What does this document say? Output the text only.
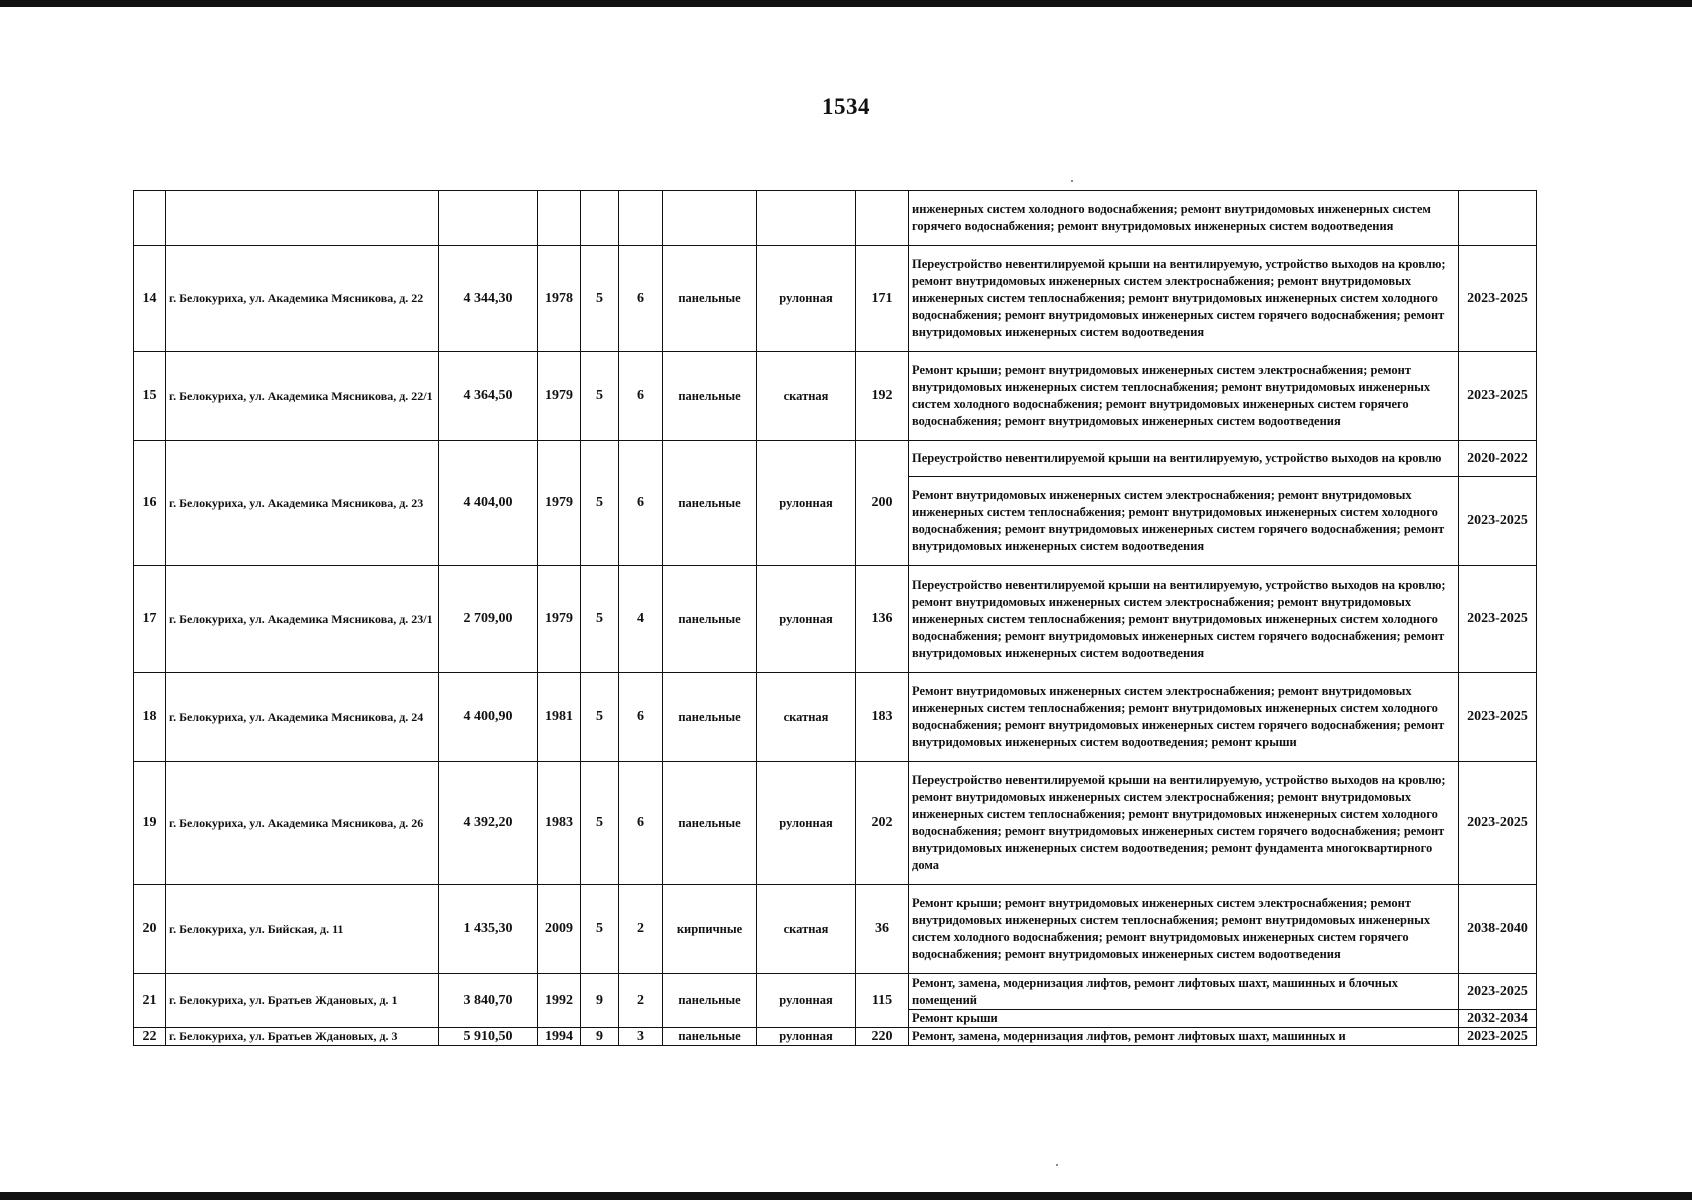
1534
									инженерных систем холодного водоснабжения; ремонт внутридомовых инженерных систем горячего водоснабжения; ремонт внутридомовых инженерных систем водоотведения	
14	г. Белокуриха, ул. Академика Мясникова, д. 22	4 344,30	1978	5	6	панельные	рулонная	171	Переустройство невентилируемой крыши на вентилируемую, устройство выходов на кровлю; ремонт внутридомовых инженерных систем электроснабжения; ремонт внутридомовых инженерных систем теплоснабжения; ремонт внутридомовых инженерных систем холодного водоснабжения; ремонт внутридомовых инженерных систем горячего водоснабжения; ремонт внутридомовых инженерных систем водоотведения	2023-2025
15	г. Белокуриха, ул. Академика Мясникова, д. 22/1	4 364,50	1979	5	6	панельные	скатная	192	Ремонт крыши; ремонт внутридомовых инженерных систем электроснабжения; ремонт внутридомовых инженерных систем теплоснабжения; ремонт внутридомовых инженерных систем холодного водоснабжения; ремонт внутридомовых инженерных систем горячего водоснабжения; ремонт внутридомовых инженерных систем водоотведения	2023-2025
16	г. Белокуриха, ул. Академика Мясникова, д. 23	4 404,00	1979	5	6	панельные	рулонная	200	Переустройство невентилируемой крыши на вентилируемую, устройство выходов на кровлю	2020-2022
									Ремонт внутридомовых инженерных систем электроснабжения; ремонт внутридомовых инженерных систем теплоснабжения; ремонт внутридомовых инженерных систем холодного водоснабжения; ремонт внутридомовых инженерных систем горячего водоснабжения; ремонт внутридомовых инженерных систем водоотведения	2023-2025
17	г. Белокуриха, ул. Академика Мясникова, д. 23/1	2 709,00	1979	5	4	панельные	рулонная	136	Переустройство невентилируемой крыши на вентилируемую, устройство выходов на кровлю; ремонт внутридомовых инженерных систем электроснабжения; ремонт внутридомовых инженерных систем теплоснабжения; ремонт внутридомовых инженерных систем холодного водоснабжения; ремонт внутридомовых инженерных систем горячего водоснабжения; ремонт внутридомовых инженерных систем водоотведения	2023-2025
18	г. Белокуриха, ул. Академика Мясникова, д. 24	4 400,90	1981	5	6	панельные	скатная	183	Ремонт внутридомовых инженерных систем электроснабжения; ремонт внутридомовых инженерных систем теплоснабжения; ремонт внутридомовых инженерных систем холодного водоснабжения; ремонт внутридомовых инженерных систем горячего водоснабжения; ремонт внутридомовых инженерных систем водоотведения; ремонт крыши	2023-2025
19	г. Белокуриха, ул. Академика Мясникова, д. 26	4 392,20	1983	5	6	панельные	рулонная	202	Переустройство невентилируемой крыши на вентилируемую, устройство выходов на кровлю; ремонт внутридомовых инженерных систем электроснабжения; ремонт внутридомовых инженерных систем теплоснабжения; ремонт внутридомовых инженерных систем холодного водоснабжения; ремонт внутридомовых инженерных систем горячего водоснабжения; ремонт внутридомовых инженерных систем водоотведения; ремонт фундамента многоквартирного дома	2023-2025
20	г. Белокуриха, ул. Бийская, д. 11	1 435,30	2009	5	2	кирпичные	скатная	36	Ремонт крыши; ремонт внутридомовых инженерных систем электроснабжения; ремонт внутридомовых инженерных систем теплоснабжения; ремонт внутридомовых инженерных систем холодного водоснабжения; ремонт внутридомовых инженерных систем горячего водоснабжения; ремонт внутридомовых инженерных систем водоотведения	2038-2040
21	г. Белокуриха, ул. Братьев Ждановых, д. 1	3 840,70	1992	9	2	панельные	рулонная	115	Ремонт, замена, модернизация лифтов, ремонт лифтовых шахт, машинных и блочных помещений	2023-2025
									Ремонт крыши	2032-2034
22	г. Белокуриха, ул. Братьев Ждановых, д. 3	5 910,50	1994	9	3	панельные	рулонная	220	Ремонт, замена, модернизация лифтов, ремонт лифтовых шахт, машинных и	2023-2025
